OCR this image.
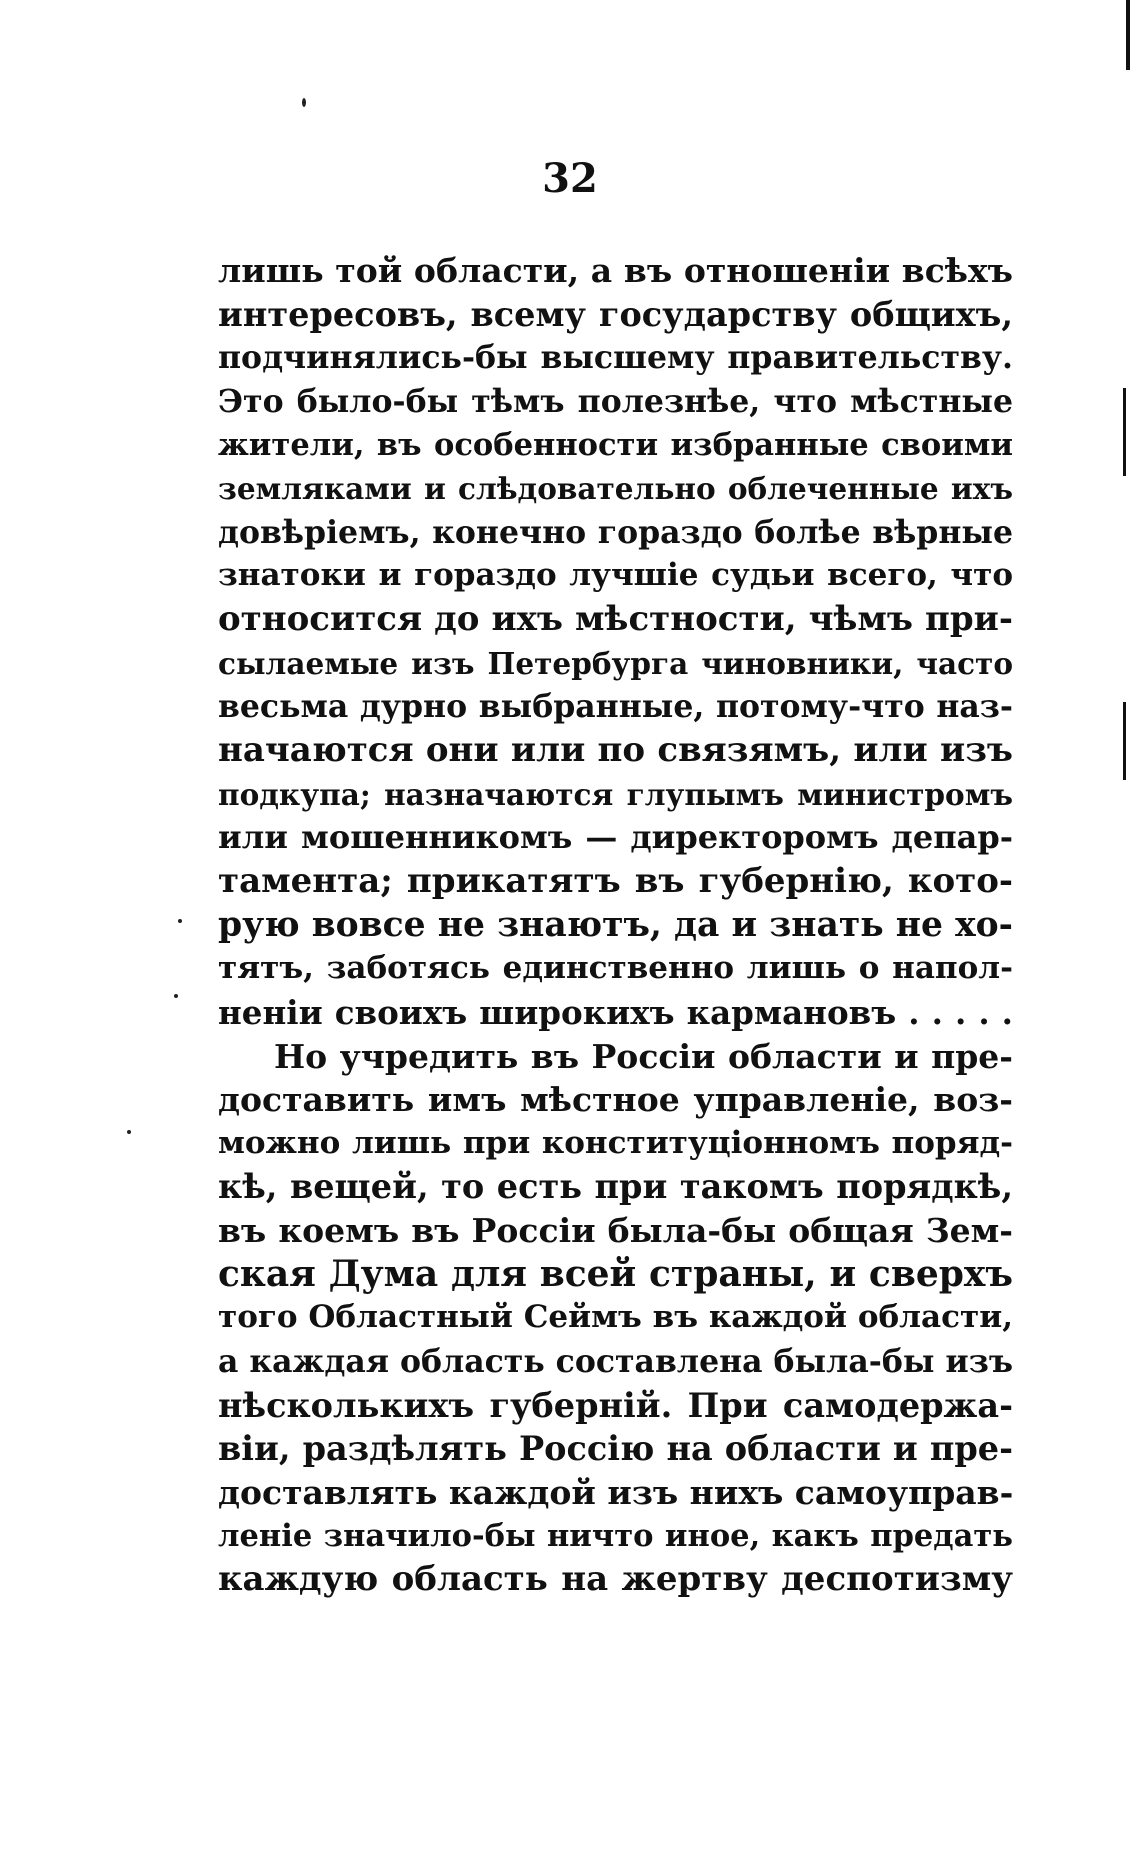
32
лишь той области, а въ отношеніи всѣхъ
интересовъ, всему государству общихъ,
подчинялись-бы высшему правительству.
Это было-бы тѣмъ полезнѣе, что мѣстные
жители, въ особенности избранные своими
земляками и слѣдовательно облеченные ихъ
довѣріемъ, конечно гораздо болѣе вѣрные
знатоки и гораздо лучшіе судьи всего, что
относится до ихъ мѣстности, чѣмъ при-
сылаемые изъ Петербурга чиновники, часто
весьма дурно выбранные, потому-что наз-
начаются они или по связямъ, или изъ
подкупа; назначаются глупымъ министромъ
или мошенникомъ — директоромъ депар-
тамента; прикатятъ въ губернію, кото-
рую вовсе не знаютъ, да и знать не хо-
тятъ, заботясь единственно лишь о напол-
неніи своихъ широкихъ кармановъ . . . . .
Но учредить въ Россіи области и пре-
доставить имъ мѣстное управленіе, воз-
можно лишь при конституціонномъ поряд-
кѣ, вещей, то есть при такомъ порядкѣ,
въ коемъ въ Россіи была-бы общая Зем-
ская Дума для всей страны, и сверхъ
того Областный Сеймъ въ каждой области,
а каждая область составлена была-бы изъ
нѣсколькихъ губерній. При самодержа-
віи, раздѣлять Россію на области и пре-
доставлять каждой изъ нихъ самоуправ-
леніе значило-бы ничто иное, какъ предать
каждую область на жертву деспотизму
